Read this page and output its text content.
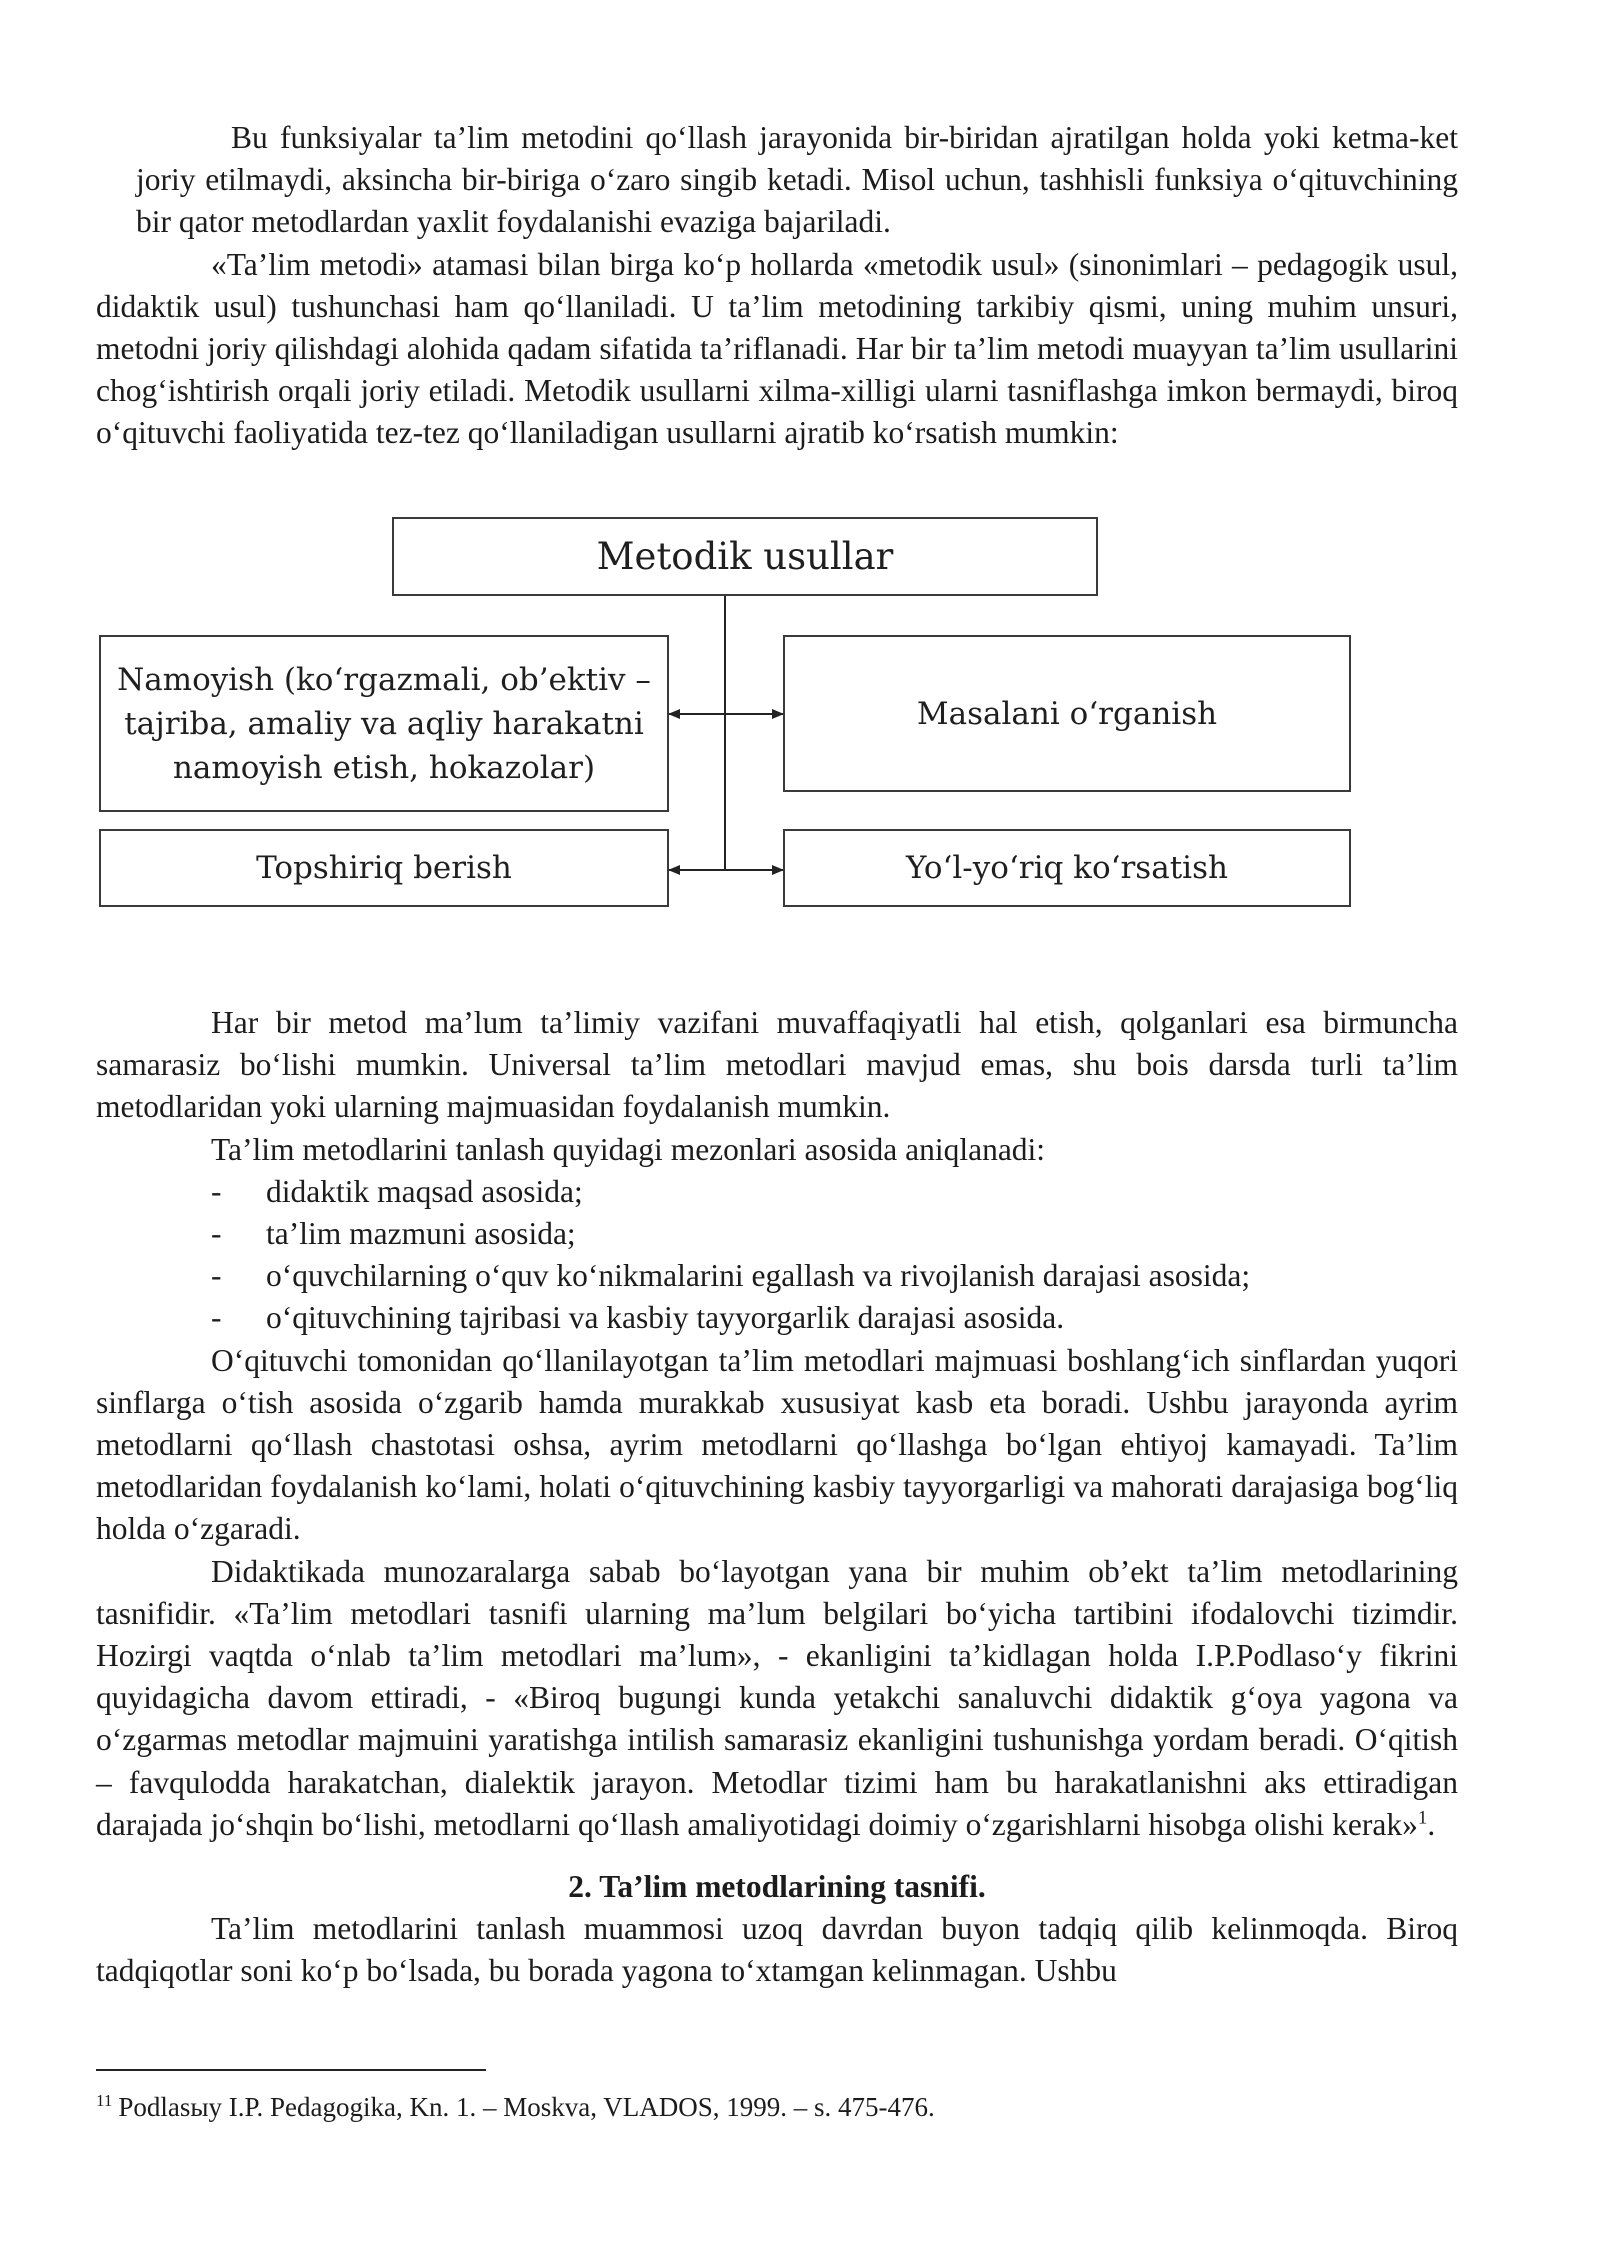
Bu funksiyalar ta’lim metodini qo‘llash jarayonida bir-biridan ajratilgan holda yoki ketma-ket joriy etilmaydi, aksincha bir-biriga o‘zaro singib ketadi. Misol uchun, tashhisli funksiya o‘qituvchining bir qator metodlardan yaxlit foydalanishi evaziga bajariladi.

«Ta’lim metodi» atamasi bilan birga ko‘p hollarda «metodik usul» (sinonimlari – pedagogik usul, didaktik usul) tushunchasi ham qo‘llaniladi. U ta’lim metodining tarkibiy qismi, uning muhim unsuri, metodni joriy qilishdagi alohida qadam sifatida ta’riflanadi. Har bir ta’lim metodi muayyan ta’lim usullarini chog‘ishtirish orqali joriy etiladi. Metodik usullarni xilma-xilligi ularni tasniflashga imkon bermaydi, biroq o‘qituvchi faoliyatida tez-tez qo‘llaniladigan usullarni ajratib ko‘rsatish mumkin:

Metodik usullar
Namoyish (ko‘rgazmali, ob’ektiv –
tajriba, amaliy va aqliy harakatni
namoyish etish, hokazolar)
Masalani o‘rganish
Topshiriq berish	Yo‘l-yo‘riq ko‘rsatish

Har bir metod ma’lum ta’limiy vazifani muvaffaqiyatli hal etish, qolganlari esa birmuncha samarasiz bo‘lishi mumkin. Universal ta’lim metodlari mavjud emas, shu bois darsda turli ta’lim metodlaridan yoki ularning majmuasidan foydalanish mumkin.

Ta’lim metodlarini tanlash quyidagi mezonlari asosida aniqlanadi:

-	didaktik maqsad asosida;
-	ta’lim mazmuni asosida;
-	o‘quvchilarning o‘quv ko‘nikmalarini egallash va rivojlanish darajasi asosida;
-	o‘qituvchining tajribasi va kasbiy tayyorgarlik darajasi asosida.

O‘qituvchi tomonidan qo‘llanilayotgan ta’lim metodlari majmuasi boshlang‘ich sinflardan yuqori sinflarga o‘tish asosida o‘zgarib hamda murakkab xususiyat kasb eta boradi. Ushbu jarayonda ayrim metodlarni qo‘llash chastotasi oshsa, ayrim metodlarni qo‘llashga bo‘lgan ehtiyoj kamayadi. Ta’lim metodlaridan foydalanish ko‘lami, holati o‘qituvchining kasbiy tayyorgarligi va mahorati darajasiga bog‘liq holda o‘zgaradi.

Didaktikada munozaralarga sabab bo‘layotgan yana bir muhim ob’ekt ta’lim metodlarining tasnifidir. «Ta’lim metodlari tasnifi ularning ma’lum belgilari bo‘yicha tartibini ifodalovchi tizimdir. Hozirgi vaqtda o‘nlab ta’lim metodlari ma’lum», - ekanligini ta’kidlagan holda I.P.Podlaso‘y fikrini quyidagicha davom ettiradi, - «Biroq bugungi kunda yetakchi sanaluvchi didaktik g‘oya yagona va o‘zgarmas metodlar majmuini yaratishga intilish samarasiz ekanligini tushunishga yordam beradi. O‘qitish – favqulodda harakatchan, dialektik jarayon. Metodlar tizimi ham bu harakatlanishni aks ettiradigan darajada jo‘shqin bo‘lishi, metodlarni qo‘llash amaliyotidagi doimiy o‘zgarishlarni hisobga olishi kerak»$^1$.

2. Ta’lim metodlarining tasnifi.

Ta’lim metodlarini tanlash muammosi uzoq davrdan buyon tadqiq qilib kelinmoqda. Biroq tadqiqotlar soni ko‘p bo‘lsada, bu borada yagona to‘xtamgan kelinmagan. Ushbu

$^{11}$ Podlasыy I.P. Pedagogika, Kn. 1. – Moskva, VLADOS, 1999. – s. 475-476.
